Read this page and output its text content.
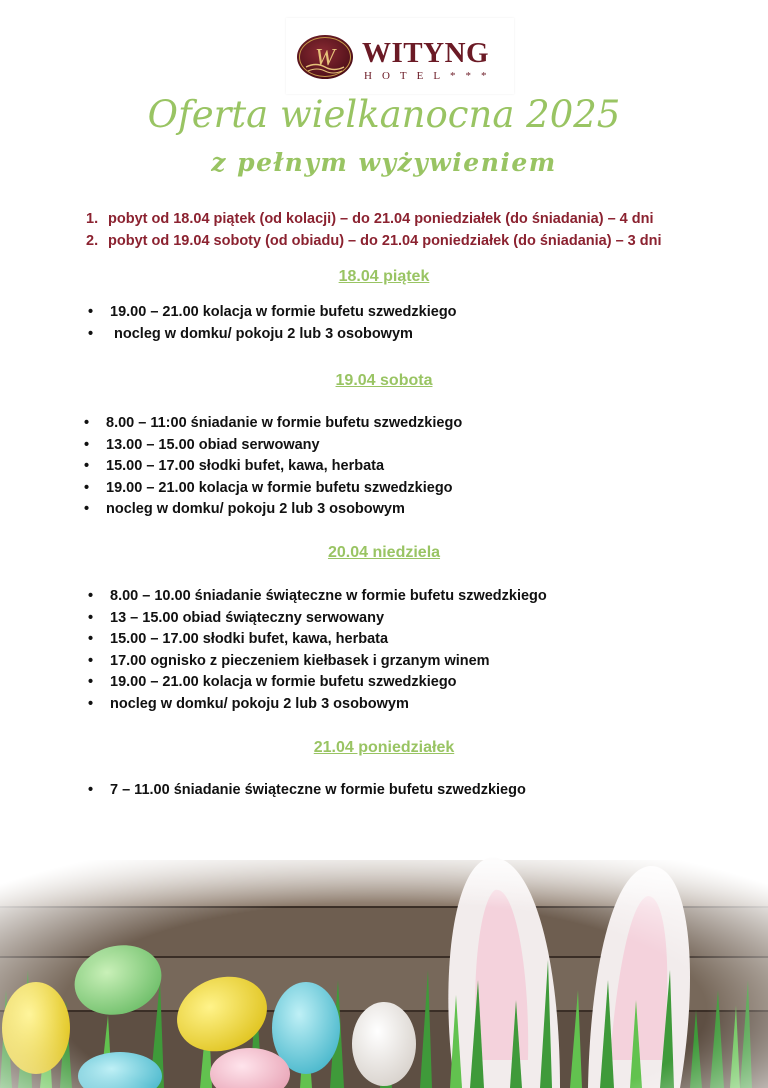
W WITYNG
HOTEL***
Oferta wielkanocna 2025
z pełnym wyżywieniem
1. pobyt od 18.04 piątek (od kolacji) – do 21.04 poniedziałek (do śniadania) – 4 dni
2. pobyt od 19.04 soboty (od obiadu) – do 21.04 poniedziałek (do śniadania) – 3 dni
18.04 piątek
• 19.00 – 21.00 kolacja w formie bufetu szwedzkiego
• nocleg w domku/ pokoju 2 lub 3 osobowym
19.04 sobota
• 8.00 – 11:00 śniadanie w formie bufetu szwedzkiego
• 13.00 – 15.00 obiad serwowany
• 15.00 – 17.00 słodki bufet, kawa, herbata
• 19.00 – 21.00 kolacja w formie bufetu szwedzkiego
• nocleg w domku/ pokoju 2 lub 3 osobowym
20.04 niedziela
• 8.00 – 10.00 śniadanie świąteczne w formie bufetu szwedzkiego
• 13 – 15.00 obiad świąteczny serwowany
• 15.00 – 17.00 słodki bufet, kawa, herbata
• 17.00 ognisko z pieczeniem kiełbasek i grzanym winem
• 19.00 – 21.00 kolacja w formie bufetu szwedzkiego
• nocleg w domku/ pokoju 2 lub 3 osobowym
21.04 poniedziałek
• 7 – 11.00 śniadanie świąteczne w formie bufetu szwedzkiego
